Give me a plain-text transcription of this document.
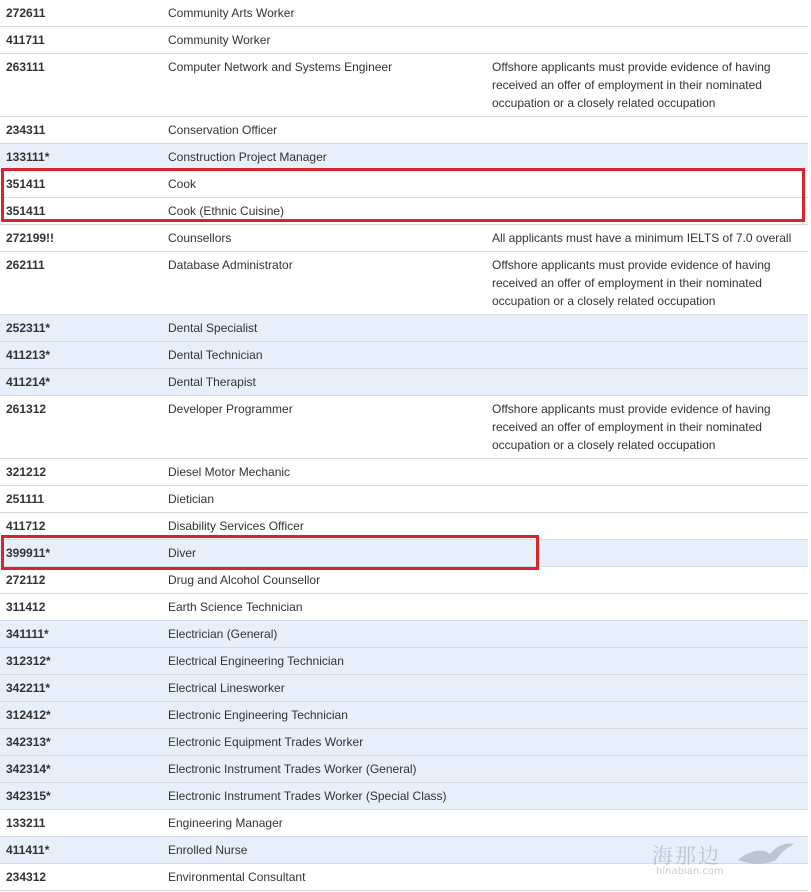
272611	Community Arts Worker	
411711	Community Worker	
263111	Computer Network and Systems Engineer	Offshore applicants must provide evidence of having received an offer of employment in their nominated occupation or a closely related occupation
234311	Conservation Officer	
133111*	Construction Project Manager	
351411	Cook	
351411	Cook (Ethnic Cuisine)	
272199!!	Counsellors	All applicants must have a minimum IELTS of 7.0 overall
262111	Database Administrator	Offshore applicants must provide evidence of having received an offer of employment in their nominated occupation or a closely related occupation
252311*	Dental Specialist	
411213*	Dental Technician	
411214*	Dental Therapist	
261312	Developer Programmer	Offshore applicants must provide evidence of having received an offer of employment in their nominated occupation or a closely related occupation
321212	Diesel Motor Mechanic	
251111	Dietician	
411712	Disability Services Officer	
399911*	Diver	
272112	Drug and Alcohol Counsellor	
311412	Earth Science Technician	
341111*	Electrician (General)	
312312*	Electrical Engineering Technician	
342211*	Electrical Linesworker	
312412*	Electronic Engineering Technician	
342313*	Electronic Equipment Trades Worker	
342314*	Electronic Instrument Trades Worker (General)	
342315*	Electronic Instrument Trades Worker (Special Class)	
133211	Engineering Manager	
411411*	Enrolled Nurse	
234312	Environmental Consultant	
海那边
hinabian.com
